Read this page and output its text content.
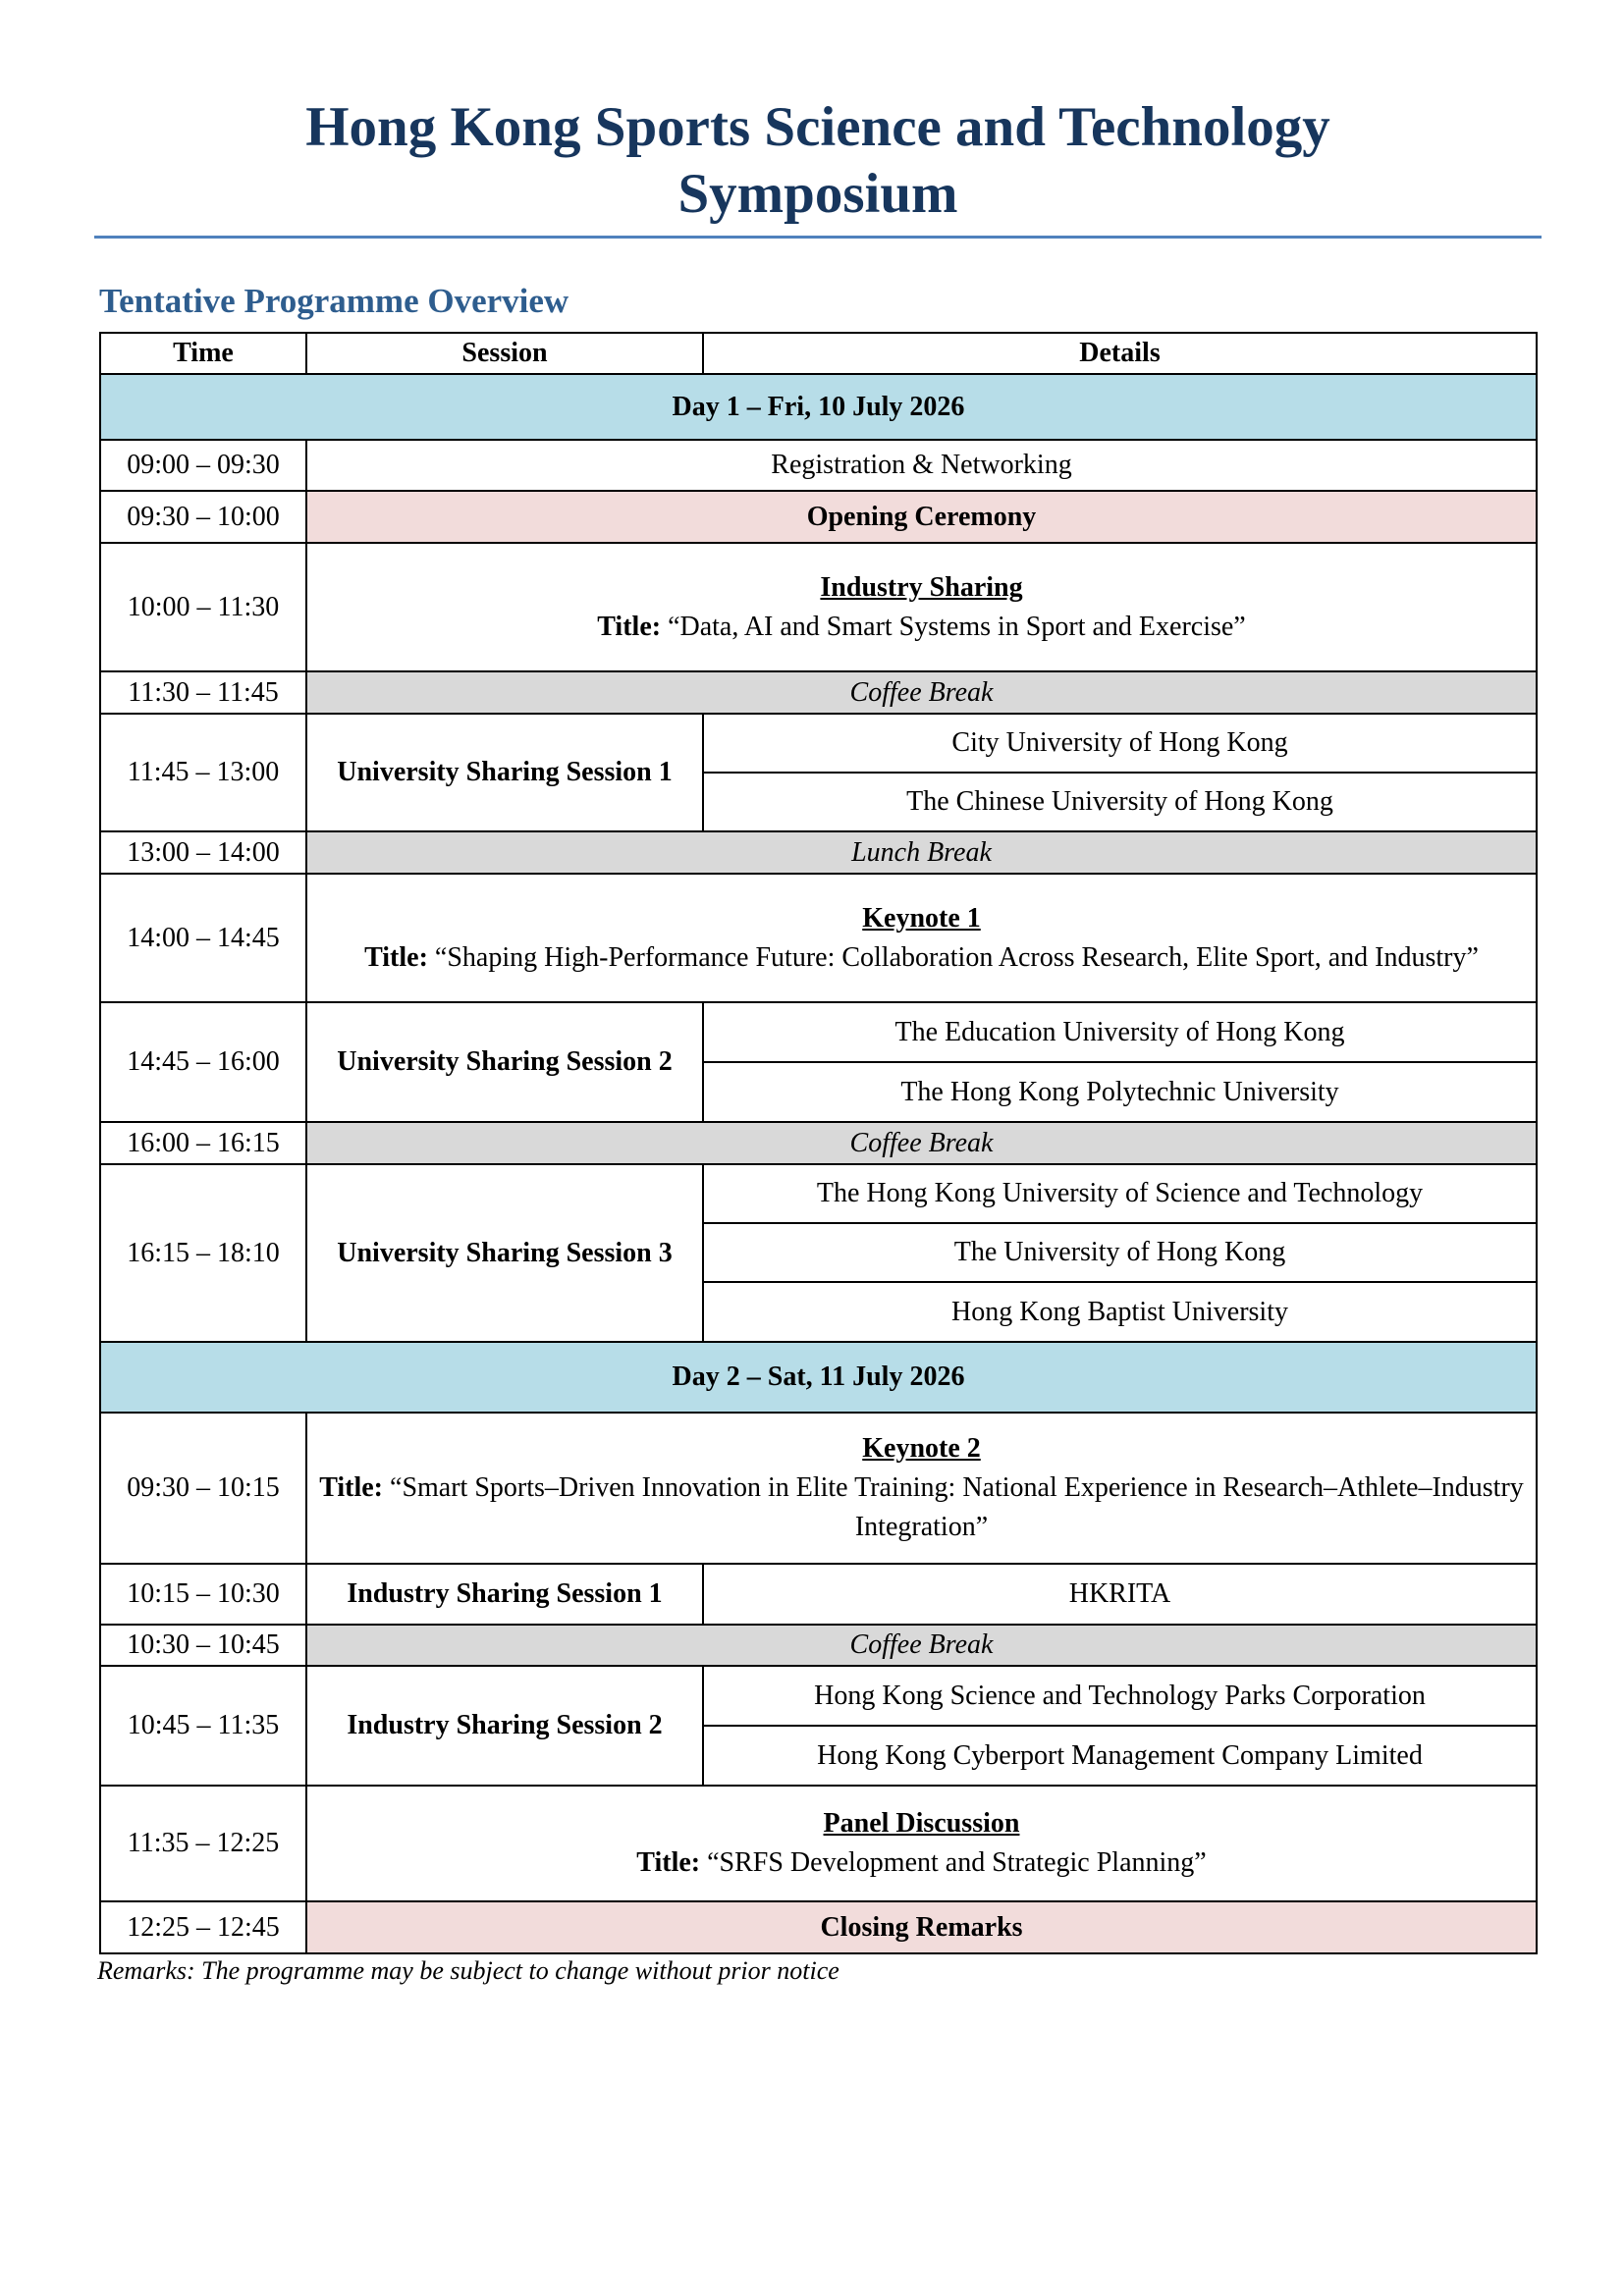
Hong Kong Sports Science and Technology
Symposium
Tentative Programme Overview
Time	Session	Details
Day 1 – Fri, 10 July 2026		
09:00 – 09:30	Registration & Networking	
09:30 – 10:00	Opening Ceremony	
10:00 – 11:30	Industry Sharing
Title: “Data, AI and Smart Systems in Sport and Exercise”	
11:30 – 11:45	Coffee Break	
11:45 – 13:00	University Sharing Session 1	City University of Hong Kong
		The Chinese University of Hong Kong
13:00 – 14:00	Lunch Break	
14:00 – 14:45	Keynote 1
Title: “Shaping High-Performance Future: Collaboration Across Research, Elite Sport, and Industry”	
14:45 – 16:00	University Sharing Session 2	The Education University of Hong Kong
		The Hong Kong Polytechnic University
16:00 – 16:15	Coffee Break	
16:15 – 18:10	University Sharing Session 3	The Hong Kong University of Science and Technology
		The University of Hong Kong
		Hong Kong Baptist University
Day 2 – Sat, 11 July 2026		
09:30 – 10:15	Keynote 2
Title: “Smart Sports–Driven Innovation in Elite Training: National Experience in Research–Athlete–Industry Integration”	
10:15 – 10:30	Industry Sharing Session 1	HKRITA
10:30 – 10:45	Coffee Break	
10:45 – 11:35	Industry Sharing Session 2	Hong Kong Science and Technology Parks Corporation
		Hong Kong Cyberport Management Company Limited
11:35 – 12:25	Panel Discussion
Title: “SRFS Development and Strategic Planning”	
12:25 – 12:45	Closing Remarks	
Remarks: The programme may be subject to change without prior notice
